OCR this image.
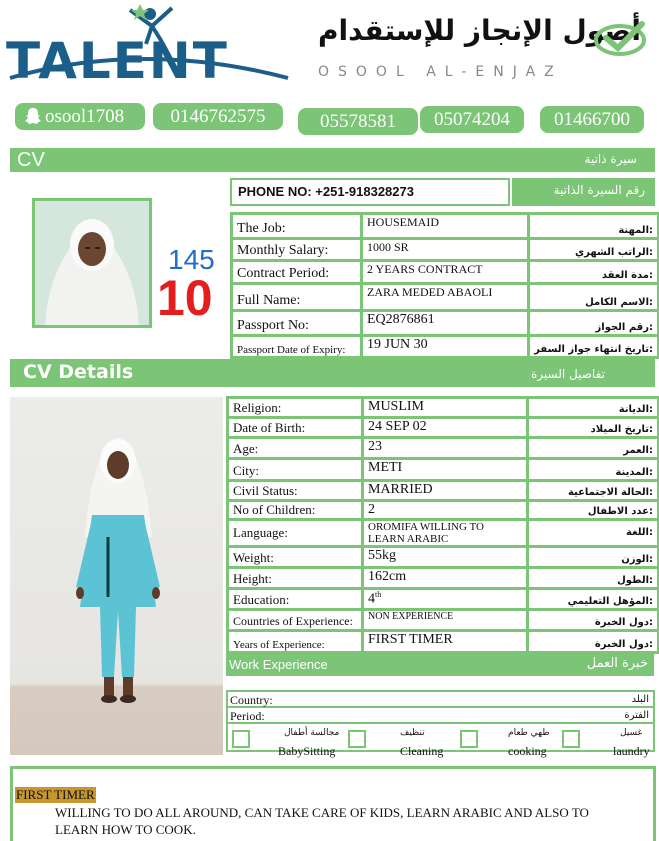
TALENT
أصول الإنجاز للإستقدام
OSOOL AL-ENJAZ
osool1708	0146762575	05578581	05074204	01466700
CV	سيرة ذاتية
PHONE NO: +251-918328273	رقم السيرة الذاتية
145
10
The Job:	HOUSEMAID	المهنة:
Monthly Salary:	1000 SR	الراتب الشهري:
Contract Period:	2 YEARS CONTRACT	مدة العقد:
Full Name:	ZARA MEDED ABAOLI	الاسم الكامل:
Passport No:	EQ2876861	رقم الجواز:
Passport Date of Expiry:	19 JUN 30	تاريخ انتهاء جواز السفر:
CV Details	تفاصيل السيرة
Religion:	MUSLIM	الديانة:
Date of Birth:	24 SEP 02	تاريخ الميلاد:
Age:	23	العمر:
City:	METI	المدينة:
Civil Status:	MARRIED	الحالة الاجتماعية:
No of Children:	2	عدد الاطفال:
Language:	OROMIFA WILLING TO LEARN ARABIC	اللغة:
Weight:	55kg	الوزن:
Height:	162cm	الطول:
Education:	4th	المؤهل التعليمي:
Countries of Experience:	NON EXPERIENCE	دول الخبرة:
Years of Experience:	FIRST TIMER	دول الخبرة:
Work Experience	خبرة العمل
Country:	البلد
Period:	الفترة
مجالسة أطفال
BabySitting
تنظيف
Cleaning
طهي طعام
cooking
غسيل
laundry
FIRST TIMER
WILLING TO DO ALL AROUND, CAN TAKE CARE OF KIDS, LEARN ARABIC AND ALSO TO LEARN HOW TO COOK.
